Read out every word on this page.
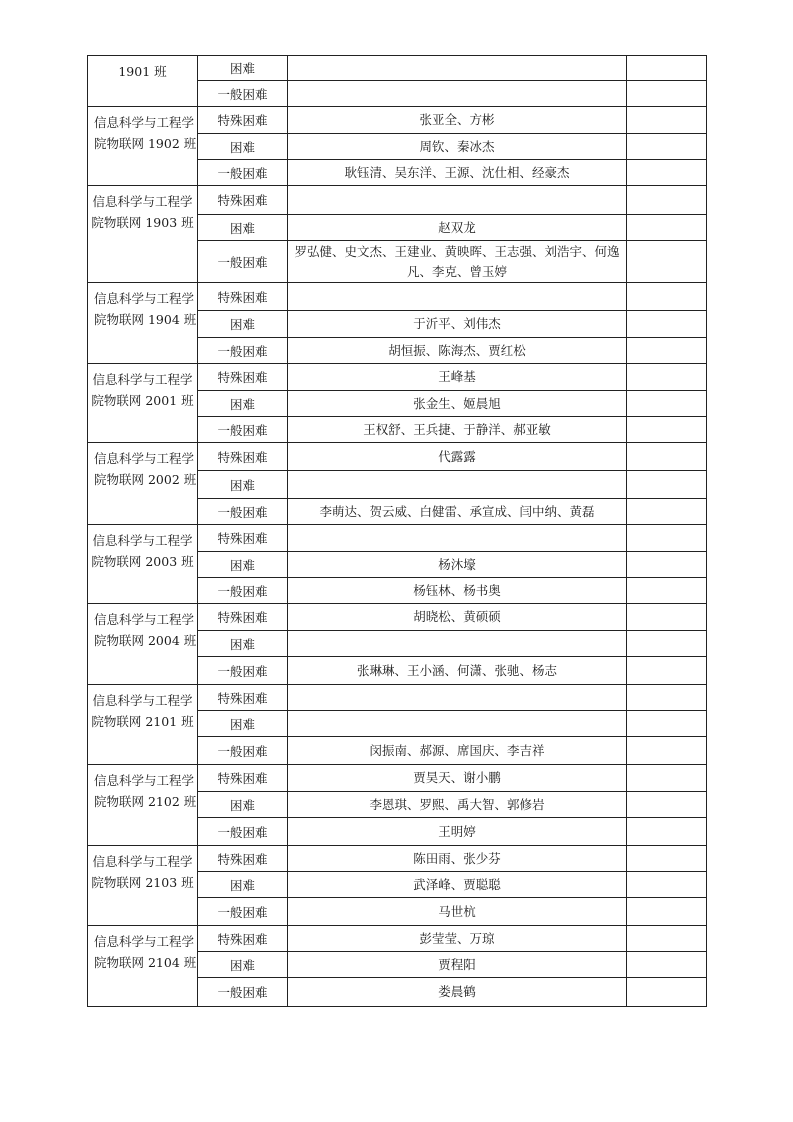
1901 班	困难		
	一般困难		
信息科学与工程学院物联网 1902 班	特殊困难	张亚全、方彬	
	困难	周钦、秦冰杰	
	一般困难	耿钰清、吴东洋、王源、沈仕相、经豪杰	
信息科学与工程学院物联网 1903 班	特殊困难		
	困难	赵双龙	
	一般困难	罗弘健、史文杰、王建业、黄映晖、王志强、刘浩宇、何逸凡、李克、曾玉婷	
信息科学与工程学院物联网 1904 班	特殊困难		
	困难	于沂平、刘伟杰	
	一般困难	胡恒振、陈海杰、贾红松	
信息科学与工程学院物联网 2001 班	特殊困难	王峰基	
	困难	张金生、姬晨旭	
	一般困难	王权舒、王兵捷、于静洋、郝亚敏	
信息科学与工程学院物联网 2002 班	特殊困难	代露露	
	困难		
	一般困难	李萌达、贺云威、白健雷、承宣成、闫中纳、黄磊	
信息科学与工程学院物联网 2003 班	特殊困难		
	困难	杨沐壕	
	一般困难	杨钰林、杨书奥	
信息科学与工程学院物联网 2004 班	特殊困难	胡晓松、黄硕硕	
	困难		
	一般困难	张琳琳、王小涵、何潇、张驰、杨志	
信息科学与工程学院物联网 2101 班	特殊困难		
	困难		
	一般困难	闵振南、郝源、席国庆、李吉祥	
信息科学与工程学院物联网 2102 班	特殊困难	贾昊天、谢小鹏	
	困难	李恩琪、罗熙、禹大智、郭修岩	
	一般困难	王明婷	
信息科学与工程学院物联网 2103 班	特殊困难	陈田雨、张少芬	
	困难	武泽峰、贾聪聪	
	一般困难	马世杭	
信息科学与工程学院物联网 2104 班	特殊困难	彭莹莹、万琼	
	困难	贾程阳	
	一般困难	娄晨鹤	
